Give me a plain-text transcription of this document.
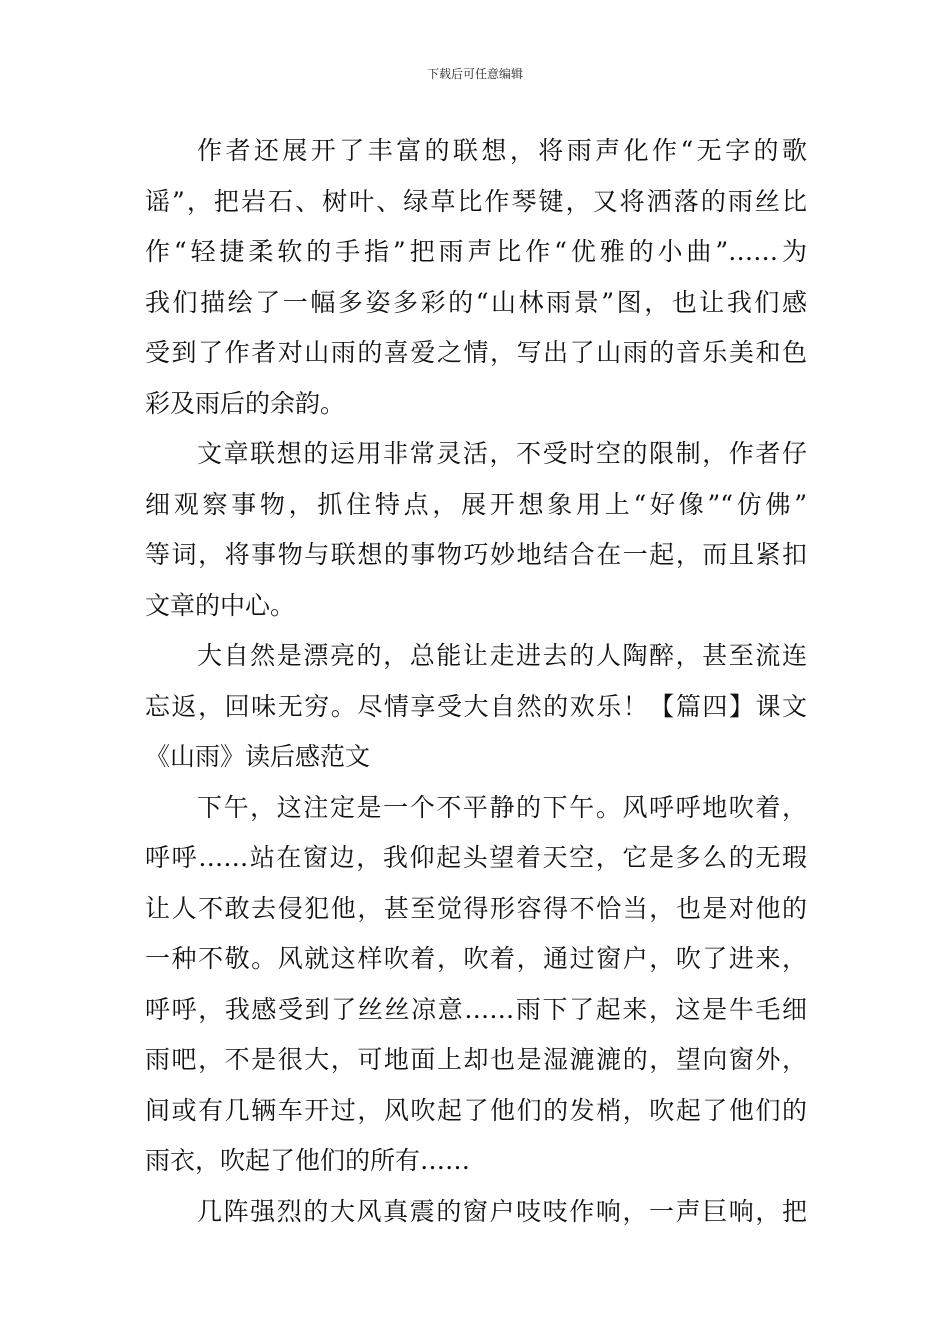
下载后可任意编辑
作者还展开了丰富的联想，将雨声化作“无字的歌
谣”，把岩石、树叶、绿草比作琴键，又将洒落的雨丝比
作“轻捷柔软的手指”把雨声比作“优雅的小曲”……为
我们描绘了一幅多姿多彩的“山林雨景”图，也让我们感
受到了作者对山雨的喜爱之情，写出了山雨的音乐美和色
彩及雨后的余韵。
文章联想的运用非常灵活，不受时空的限制，作者仔
细观察事物，抓住特点，展开想象用上“好像”“仿佛”
等词，将事物与联想的事物巧妙地结合在一起，而且紧扣
文章的中心。
大自然是漂亮的，总能让走进去的人陶醉，甚至流连
忘返，回味无穷。尽情享受大自然的欢乐！【篇四】课文
《山雨》读后感范文
下午，这注定是一个不平静的下午。风呼呼地吹着，
呼呼……站在窗边，我仰起头望着天空，它是多么的无瑕
让人不敢去侵犯他，甚至觉得形容得不恰当，也是对他的
一种不敬。风就这样吹着，吹着，通过窗户，吹了进来，
呼呼，我感受到了丝丝凉意……雨下了起来，这是牛毛细
雨吧，不是很大，可地面上却也是湿漉漉的，望向窗外，
间或有几辆车开过，风吹起了他们的发梢，吹起了他们的
雨衣，吹起了他们的所有……
几阵强烈的大风真震的窗户吱吱作响，一声巨响，把
